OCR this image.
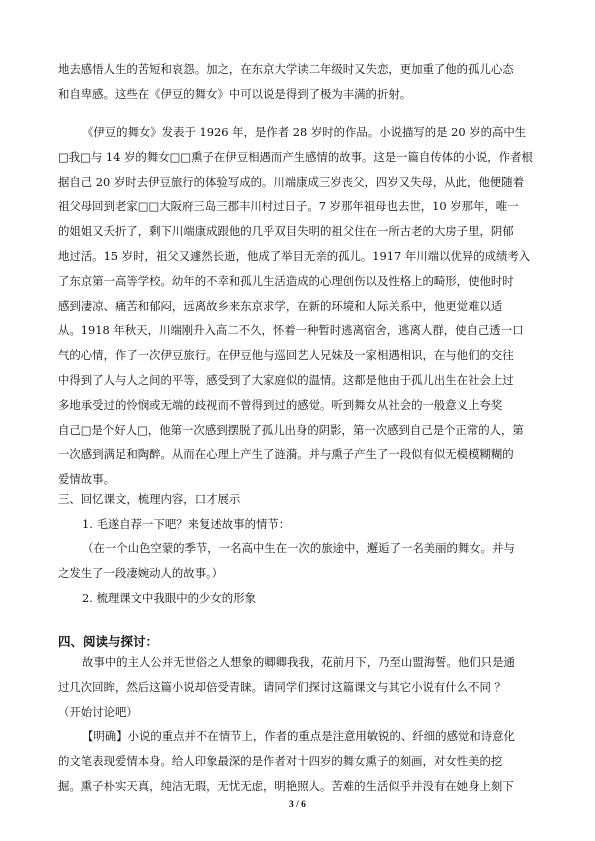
地去感悟人生的苦短和哀怨。加之，在东京大学读二年级时又失恋，更加重了他的孤儿心态
和自卑感。这些在《伊豆的舞女》中可以说是得到了极为丰满的折射。
《伊豆的舞女》发表于 1926 年，是作者 28 岁时的作品。小说描写的是 20 岁的高中生
□我□与 14 岁的舞女□□熏子在伊豆相遇而产生感情的故事。这是一篇自传体的小说，作者根
据自己 20 岁时去伊豆旅行的体验写成的。川端康成三岁丧父，四岁又失母，从此，他便随着
祖父母回到老家□□大阪府三岛三郡丰川村过日子。7 岁那年祖母也去世，10 岁那年，唯一
的姐姐又夭折了，剩下川端康成跟他的几乎双目失明的祖父住在一所古老的大房子里，阴郁
地过活。15 岁时，祖父又遽然长逝，他成了举目无亲的孤儿。1917 年川端以优异的成绩考入
了东京第一高等学校。幼年的不幸和孤儿生活造成的心理创伤以及性格上的畸形，使他时时
感到凄凉、痛苦和郁闷，远离故乡来东京求学，在新的环境和人际关系中，他更觉难以适
从。1918 年秋天，川端刚升入高二不久，怀着一种暂时逃离宿舍，逃离人群，使自己透一口
气的心情，作了一次伊豆旅行。在伊豆他与巡回艺人兄妹及一家相遇相识，在与他们的交往
中得到了人与人之间的平等，感受到了大家庭似的温情。这都是他由于孤儿出生在社会上过
多地承受过的怜悯或无端的歧视而不曾得到过的感觉。听到舞女从社会的一般意义上夸奖
自己□是个好人□，他第一次感到摆脱了孤儿出身的阴影，第一次感到自己是个正常的人，第
一次感到满足和陶醉。从而在心理上产生了涟漪。并与熏子产生了一段似有似无模模糊糊的
爱情故事。

三、回忆课文，梳理内容，口才展示

1. 毛遂自荐一下吧？来复述故事的情节：

（在一个山色空蒙的季节，一名高中生在一次的旅途中，邂逅了一名美丽的舞女。并与
之发生了一段凄婉动人的故事。）

2. 梳理课文中我眼中的少女的形象

四、阅读与探讨：

故事中的主人公并无世俗之人想象的卿卿我我，花前月下，乃至山盟海誓。他们只是通
过几次回眸，然后这篇小说却倍受青睐。请同学们探讨这篇课文与其它小说有什么不同 ？
（开始讨论吧）
【明确】小说的重点并不在情节上，作者的重点是注意用敏锐的、纤细的感觉和诗意化
的文笔表现爱情本身。给人印象最深的是作者对十四岁的舞女熏子的刻画，对女性美的挖
掘。熏子朴实天真，纯洁无瑕，无忧无虑，明艳照人。苦难的生活似乎并没有在她身上刻下
3 / 6
